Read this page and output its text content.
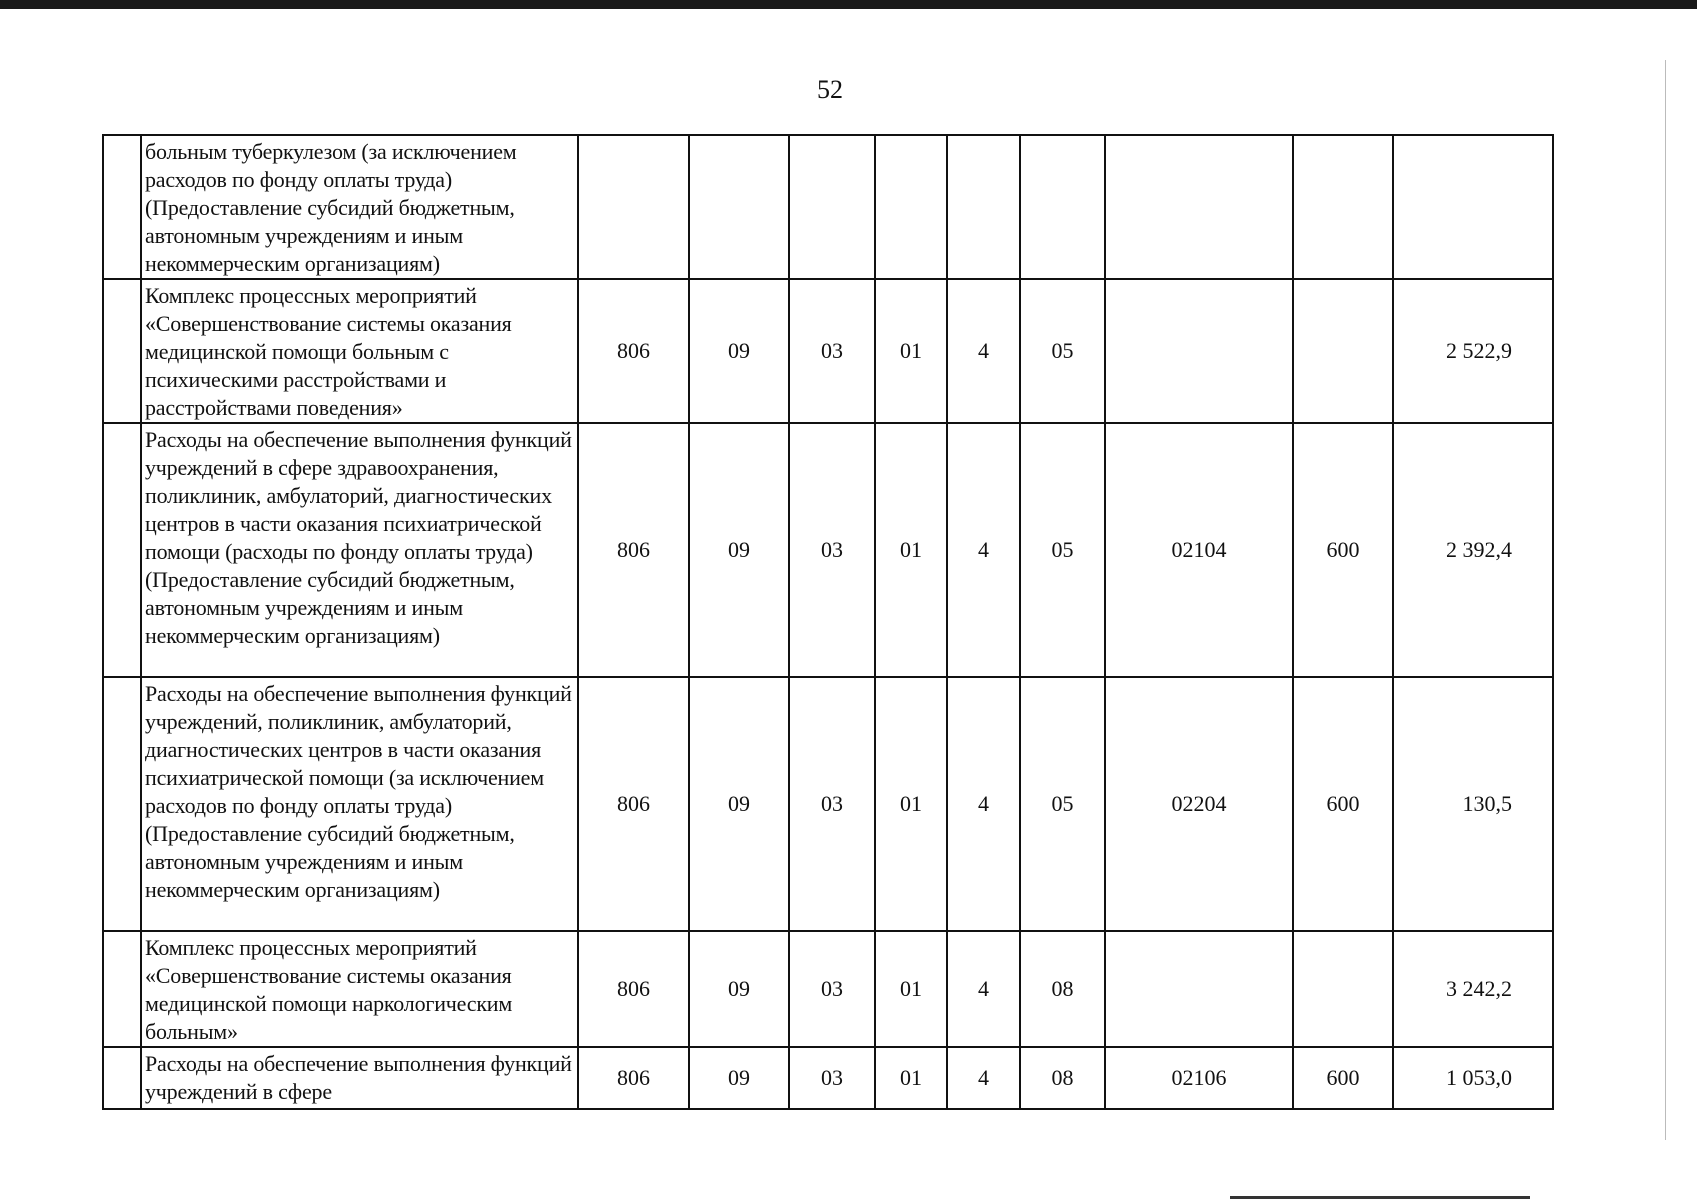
52
	больным туберкулезом (за исключением расходов по фонду оплаты труда) (Предоставление субсидий бюджетным, автономным учреждениям и иным некоммерческим организациям)									
	Комплекс процессных мероприятий «Совершенствование системы оказания медицинской помощи больным с психическими расстройствами и расстройствами поведения»	806	09	03	01	4	05			2 522,9
	Расходы на обеспечение выполнения функций учреждений в сфере здравоохранения, поликлиник, амбулаторий, диагностических центров в части оказания психиатрической помощи (расходы по фонду оплаты труда) (Предоставление субсидий бюджетным, автономным учреждениям и иным некоммерческим организациям)	806	09	03	01	4	05	02104	600	2 392,4
	Расходы на обеспечение выполнения функций учреждений, поликлиник, амбулаторий, диагностических центров в части оказания психиатрической помощи (за исключением расходов по фонду оплаты труда) (Предоставление субсидий бюджетным, автономным учреждениям и иным некоммерческим организациям)	806	09	03	01	4	05	02204	600	130,5
	Комплекс процессных мероприятий «Совершенствование системы оказания медицинской помощи наркологическим больным»	806	09	03	01	4	08			3 242,2
	Расходы на обеспечение выполнения функций учреждений в сфере	806	09	03	01	4	08	02106	600	1 053,0
